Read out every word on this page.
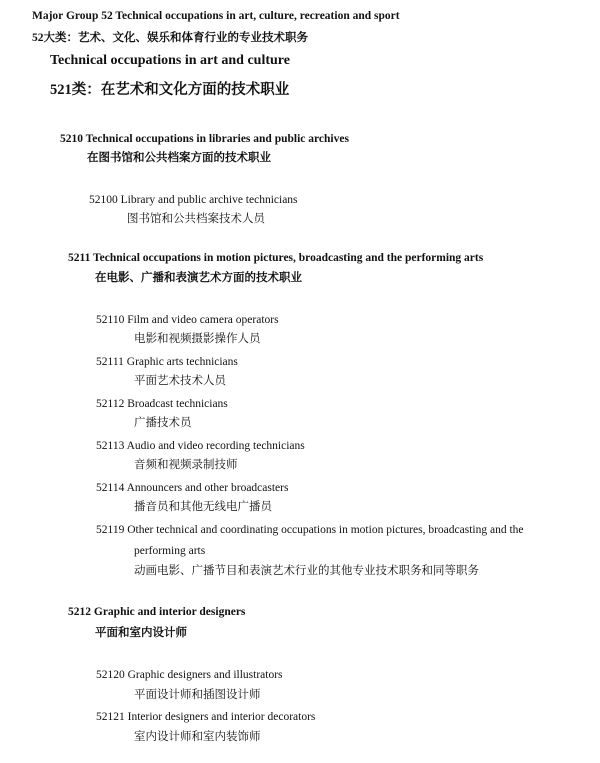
Major Group 52 Technical occupations in art, culture, recreation and sport
52大类：艺术、文化、娱乐和体育行业的专业技术职务
Technical occupations in art and culture
521类：在艺术和文化方面的技术职业
5210 Technical occupations in libraries and public archives
在图书馆和公共档案方面的技术职业
52100 Library and public archive technicians
图书馆和公共档案技术人员
5211 Technical occupations in motion pictures, broadcasting and the performing arts
在电影、广播和表演艺术方面的技术职业
52110 Film and video camera operators
电影和视频摄影操作人员
52111 Graphic arts technicians
平面艺术技术人员
52112 Broadcast technicians
广播技术员
52113 Audio and video recording technicians
音频和视频录制技师
52114 Announcers and other broadcasters
播音员和其他无线电广播员
52119 Other technical and coordinating occupations in motion pictures, broadcasting and the
performing arts
动画电影、广播节目和表演艺术行业的其他专业技术职务和同等职务
5212 Graphic and interior designers
平面和室内设计师
52120 Graphic designers and illustrators
平面设计师和插图设计师
52121 Interior designers and interior decorators
室内设计师和室内装饰师
